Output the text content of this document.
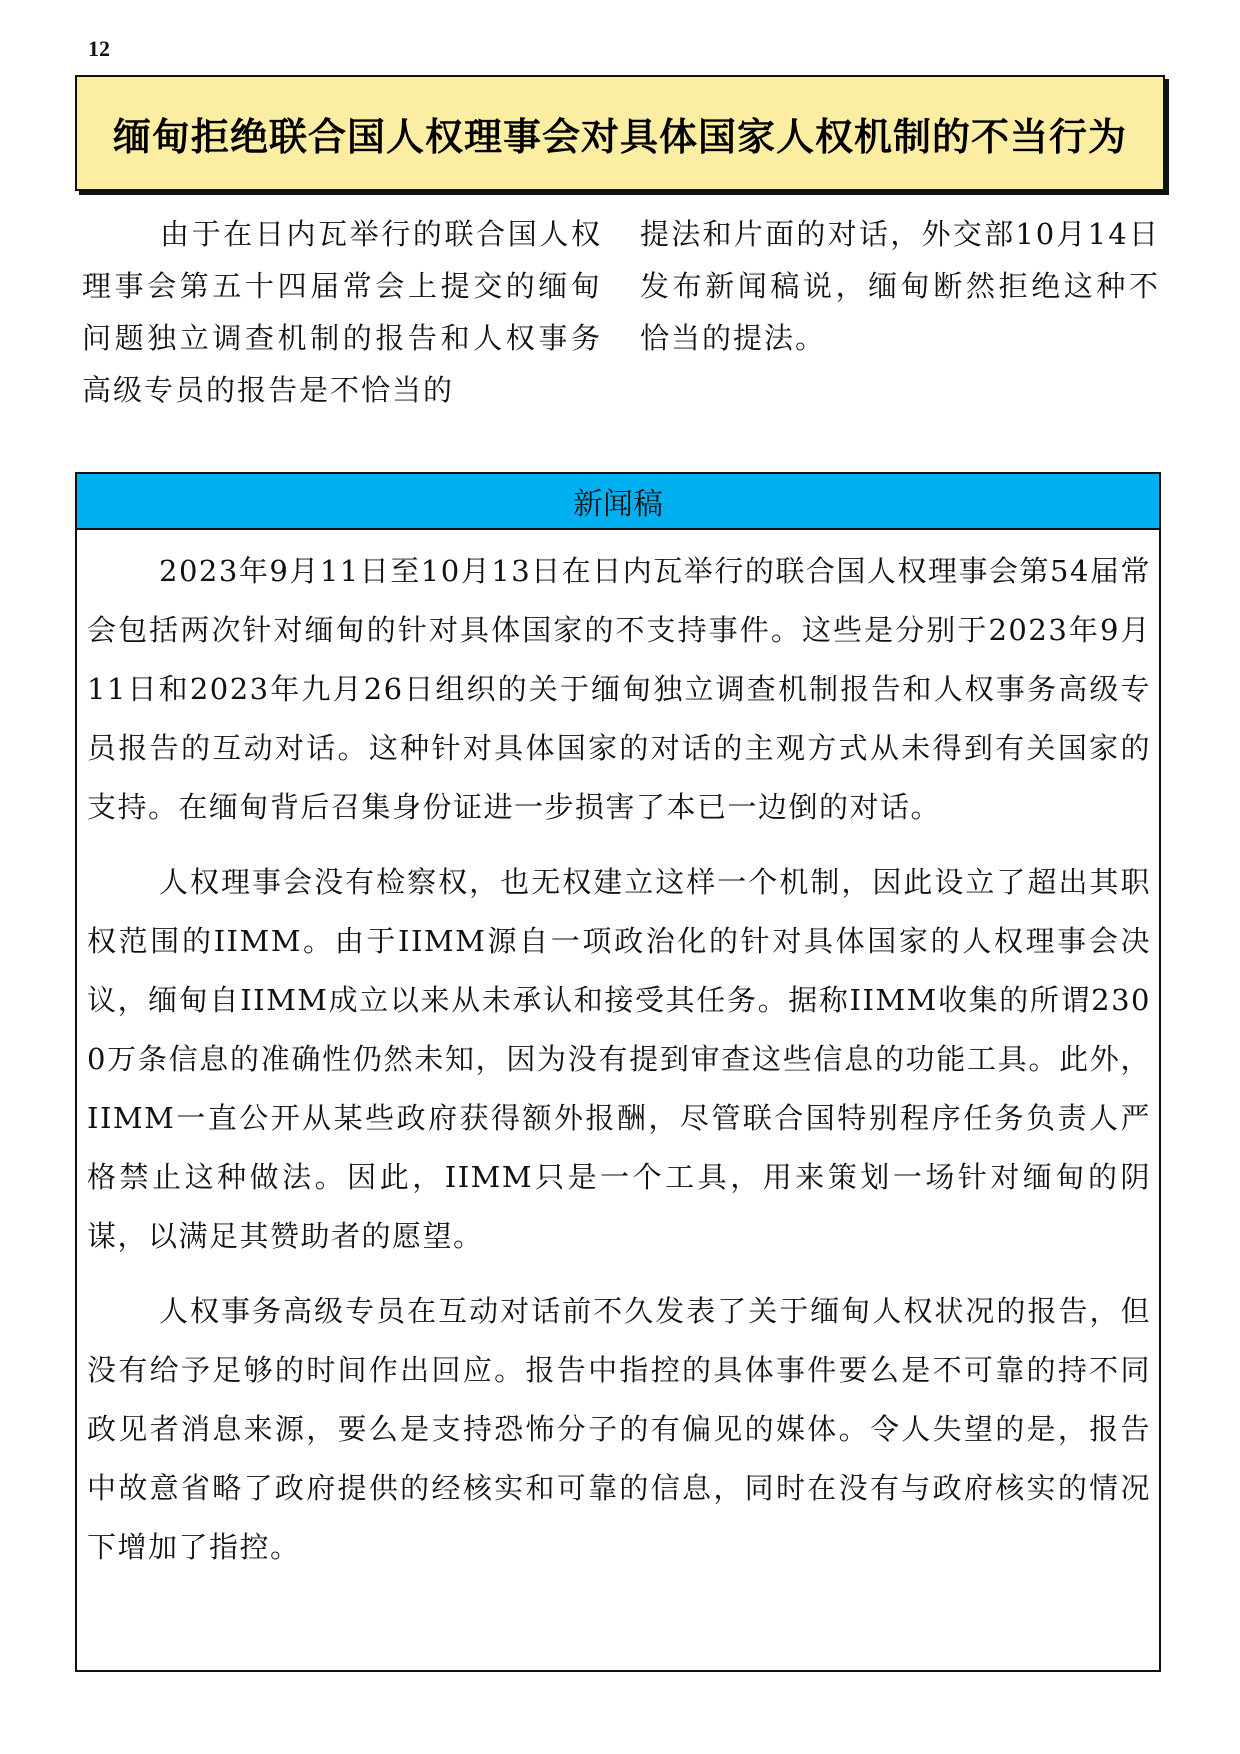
12
缅甸拒绝联合国人权理事会对具体国家人权机制的不当行为
由于在日内瓦举行的联合国人权理事会第五十四届常会上提交的缅甸问题独立调查机制的报告和人权事务高级专员的报告是不恰当的
提法和片面的对话，外交部10月14日发布新闻稿说，缅甸断然拒绝这种不恰当的提法。
新闻稿

2023年9月11日至10月13日在日内瓦举行的联合国人权理事会第54届常会包括两次针对缅甸的针对具体国家的不支持事件。这些是分别于2023年9月11日和2023年九月26日组织的关于缅甸独立调查机制报告和人权事务高级专员报告的互动对话。这种针对具体国家的对话的主观方式从未得到有关国家的支持。在缅甸背后召集身份证进一步损害了本已一边倒的对话。

人权理事会没有检察权，也无权建立这样一个机制，因此设立了超出其职权范围的IIMM。由于IIMM源自一项政治化的针对具体国家的人权理事会决议，缅甸自IIMM成立以来从未承认和接受其任务。据称IIMM收集的所谓2300万条信息的准确性仍然未知，因为没有提到审查这些信息的功能工具。此外，IIMM一直公开从某些政府获得额外报酬，尽管联合国特别程序任务负责人严格禁止这种做法。因此，IIMM只是一个工具，用来策划一场针对缅甸的阴谋，以满足其赞助者的愿望。

人权事务高级专员在互动对话前不久发表了关于缅甸人权状况的报告，但没有给予足够的时间作出回应。报告中指控的具体事件要么是不可靠的持不同政见者消息来源，要么是支持恐怖分子的有偏见的媒体。令人失望的是，报告中故意省略了政府提供的经核实和可靠的信息，同时在没有与政府核实的情况下增加了指控。
